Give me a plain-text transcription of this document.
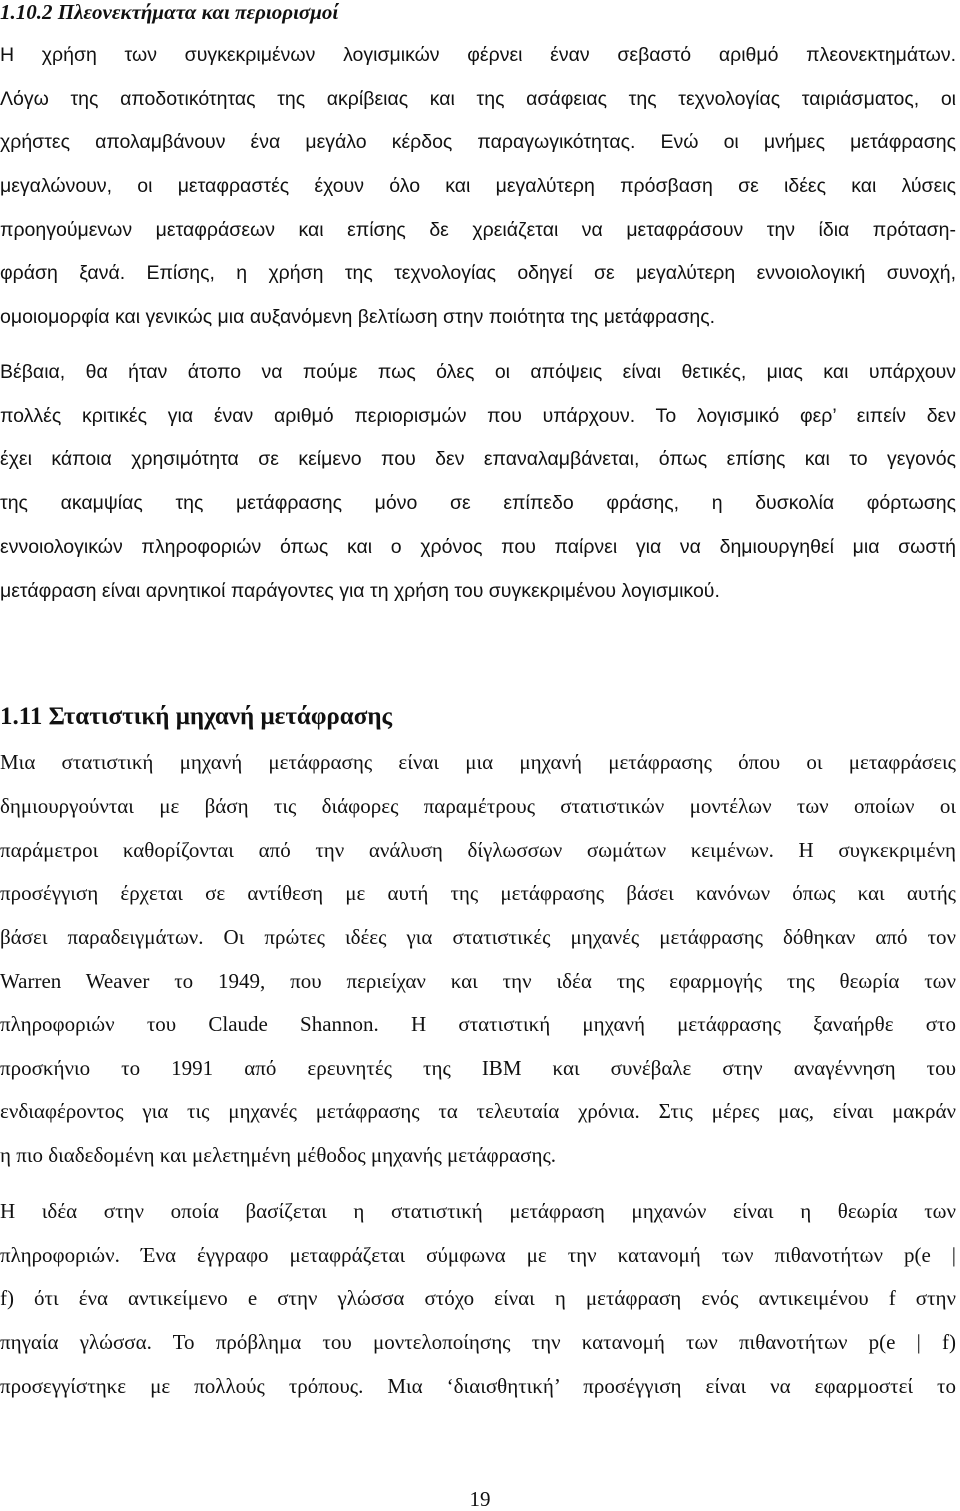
1.10.2 Πλεονεκτήματα και περιορισμοί
Η χρήση των συγκεκριμένων λογισμικών φέρνει έναν σεβαστό αριθμό πλεονεκτημάτων.
Λόγω της αποδοτικότητας της ακρίβειας και της ασάφειας της τεχνολογίας ταιριάσματος, οι
χρήστες απολαμβάνουν ένα μεγάλο κέρδος παραγωγικότητας. Ενώ οι μνήμες μετάφρασης
μεγαλώνουν, οι μεταφραστές έχουν όλο και μεγαλύτερη πρόσβαση σε ιδέες και λύσεις
προηγούμενων μεταφράσεων και επίσης δε χρειάζεται να μεταφράσουν την ίδια πρόταση-
φράση ξανά. Επίσης, η χρήση της τεχνολογίας οδηγεί σε μεγαλύτερη εννοιολογική συνοχή,
ομοιομορφία και γενικώς μια αυξανόμενη βελτίωση στην ποιότητα της μετάφρασης.
Βέβαια, θα ήταν άτοπο να πούμε πως όλες οι απόψεις είναι θετικές, μιας και υπάρχουν
πολλές κριτικές για έναν αριθμό περιορισμών που υπάρχουν. Το λογισμικό φερ’ ειπείν δεν
έχει κάποια χρησιμότητα σε κείμενο που δεν επαναλαμβάνεται, όπως επίσης και το γεγονός
της ακαμψίας της μετάφρασης μόνο σε επίπεδο φράσης, η δυσκολία φόρτωσης
εννοιολογικών πληροφοριών όπως και ο χρόνος που παίρνει για να δημιουργηθεί μια σωστή
μετάφραση είναι αρνητικοί παράγοντες για τη χρήση του συγκεκριμένου λογισμικού.
1.11 Στατιστική μηχανή μετάφρασης
Μια στατιστική μηχανή μετάφρασης είναι μια μηχανή μετάφρασης όπου οι μεταφράσεις
δημιουργούνται με βάση τις διάφορες παραμέτρους στατιστικών μοντέλων των οποίων οι
παράμετροι καθορίζονται από την ανάλυση δίγλωσσων σωμάτων κειμένων. Η συγκεκριμένη
προσέγγιση έρχεται σε αντίθεση με αυτή της μετάφρασης βάσει κανόνων όπως και αυτής
βάσει παραδειγμάτων. Οι πρώτες ιδέες για στατιστικές μηχανές μετάφρασης δόθηκαν από τον
Warren Weaver το 1949, που περιείχαν και την ιδέα της εφαρμογής της θεωρία των
πληροφοριών του Claude Shannon. Η στατιστική μηχανή μετάφρασης ξαναήρθε στο
προσκήνιο το 1991 από ερευνητές της IBM και συνέβαλε στην αναγέννηση του
ενδιαφέροντος για τις μηχανές μετάφρασης τα τελευταία χρόνια. Στις μέρες μας, είναι μακράν
η πιο διαδεδομένη και μελετημένη μέθοδος μηχανής μετάφρασης.
Η ιδέα στην οποία βασίζεται η στατιστική μετάφραση μηχανών είναι η θεωρία των
πληροφοριών. Ένα έγγραφο μεταφράζεται σύμφωνα με την κατανομή των πιθανοτήτων p(e |
f) ότι ένα αντικείμενο e στην γλώσσα στόχο είναι η μετάφραση ενός αντικειμένου f στην
πηγαία γλώσσα. Το πρόβλημα του μοντελοποίησης την κατανομή των πιθανοτήτων p(e | f)
προσεγγίστηκε με πολλούς τρόπους. Μια ‘διαισθητική’ προσέγγιση είναι να εφαρμοστεί το
19
